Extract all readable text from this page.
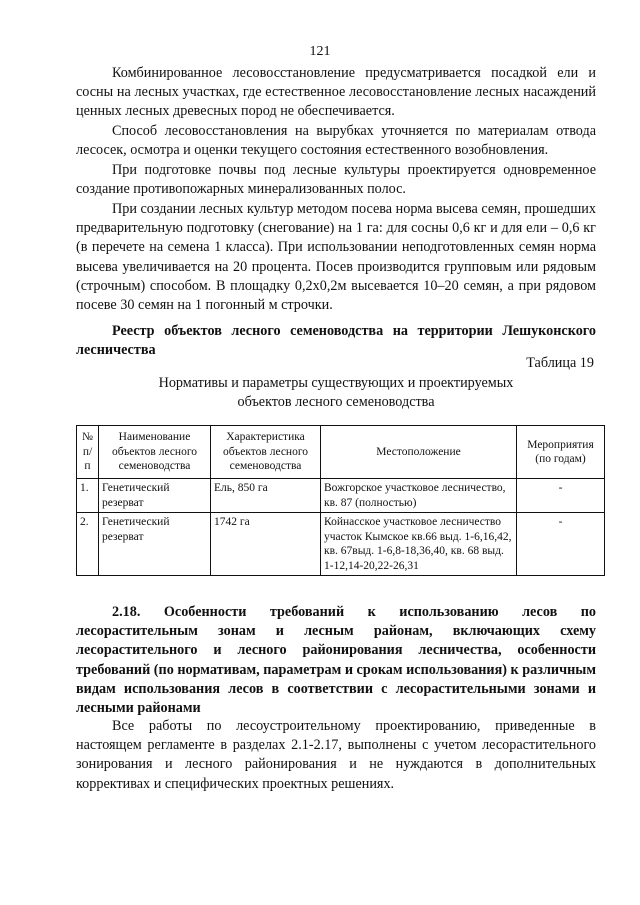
121

Комбинированное лесовосстановление предусматривается посадкой ели и сосны на лесных участках, где естественное лесовосстановление лесных насаждений ценных лесных древесных пород не обеспечивается.

Способ лесовосстановления на вырубках уточняется по материалам отвода лесосек, осмотра и оценки текущего состояния естественного возобновления.

При подготовке почвы под лесные культуры проектируется одновременное создание противопожарных минерализованных полос.

При создании лесных культур методом посева норма высева семян, прошедших предварительную подготовку (снегование) на 1 га: для сосны 0,6 кг и для ели – 0,6 кг (в перечете на семена 1 класса). При использовании неподготовленных семян норма высева увеличивается на 20 процента. Посев производится групповым или рядовым (строчным) способом. В площадку 0,2х0,2м высевается 10–20 семян, а при рядовом посеве 30 семян на 1 погонный м строчки.

Реестр объектов лесного семеноводства на территории Лешуконского лесничества

Таблица 19
Нормативы и параметры существующих и проектируемых
объектов лесного семеноводства
№ п/п	Наименование объектов лесного семеноводства	Характеристика объектов лесного семеноводства	Местоположение	Мероприятия (по годам)
1.	Генетический резерват	Ель, 850 га	Вожгорское участковое лесничество, кв. 87 (полностью)	-
2.	Генетический резерват	1742 га	Койнасское участковое лесничество участок Кымское кв.66 выд. 1-6,16,42, кв. 67выд. 1-6,8-18,36,40, кв. 68 выд. 1-12,14-20,22-26,31	-

2.18. Особенности требований к использованию лесов по лесорастительным зонам и лесным районам, включающих схему лесорастительного и лесного районирования лесничества, особенности требований (по нормативам, параметрам и срокам использования) к различным видам использования лесов в соответствии с лесорастительными зонами и лесными районами

Все работы по лесоустроительному проектированию, приведенные в настоящем регламенте в разделах 2.1-2.17, выполнены с учетом лесорастительного зонирования и лесного районирования и не нуждаются в дополнительных коррективах и специфических проектных решениях.
